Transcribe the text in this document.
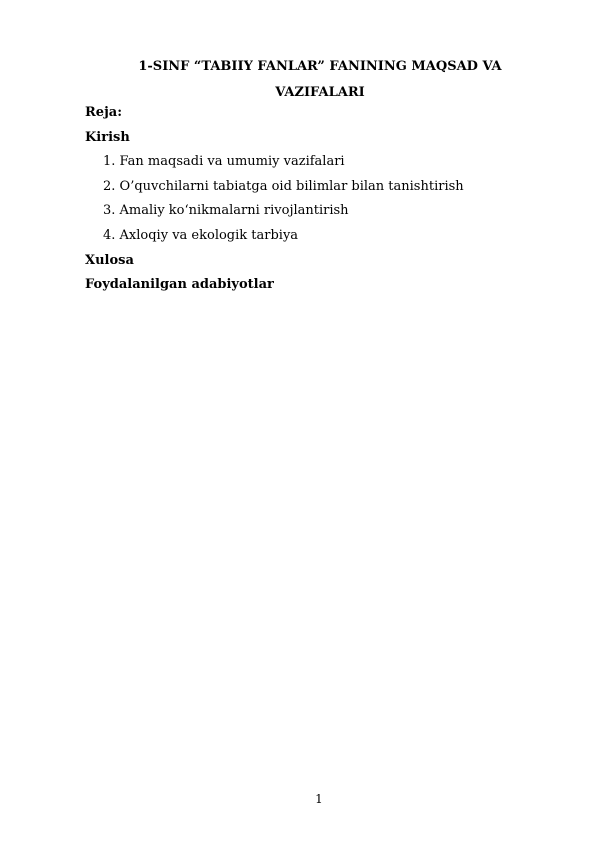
1-SINF “TABIIY FANLAR” FANINING MAQSAD VA
VAZIFALARI
Reja:
Kirish
1. Fan maqsadi va umumiy vazifalari
2. O’quvchilarni tabiatga oid bilimlar bilan tanishtirish
3. Amaliy ko‘nikmalarni rivojlantirish
4. Axloqiy va ekologik tarbiya
Xulosa
Foydalanilgan adabiyotlar
1
